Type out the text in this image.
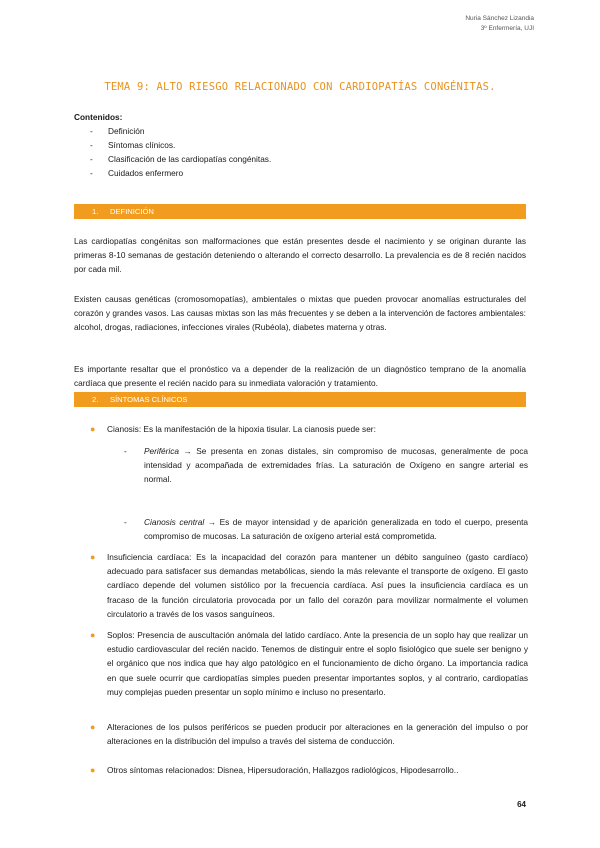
Nuria Sánchez Lizandia
3º Enfermería, UJI
TEMA 9: ALTO RIESGO RELACIONADO CON CARDIOPATÍAS CONGÉNITAS.
Contenidos:
- Definición
- Síntomas clínicos.
- Clasificación de las cardiopatías congénitas.
- Cuidados enfermero
1. DEFINICIÓN

Las cardiopatías congénitas son malformaciones que están presentes desde el nacimiento y se originan durante las primeras 8-10 semanas de gestación deteniendo o alterando el correcto desarrollo. La prevalencia es de 8 recién nacidos por cada mil.

Existen causas genéticas (cromosomopatías), ambientales o mixtas que pueden provocar anomalías estructurales del corazón y grandes vasos. Las causas mixtas son las más frecuentes y se deben a la intervención de factores ambientales: alcohol, drogas, radiaciones, infecciones virales (Rubéola), diabetes materna y otras.

Es importante resaltar que el pronóstico va a depender de la realización de un diagnóstico temprano de la anomalía cardíaca que presente el recién nacido para su inmediata valoración y tratamiento.

2. SÍNTOMAS CLÍNICOS
● Cianosis: Es la manifestación de la hipoxia tisular. La cianosis puede ser:
- Periférica → Se presenta en zonas distales, sin compromiso de mucosas, generalmente de poca intensidad y acompañada de extremidades frías. La saturación de Oxígeno en sangre arterial es normal.
- Cianosis central → Es de mayor intensidad y de aparición generalizada en todo el cuerpo, presenta compromiso de mucosas. La saturación de oxígeno arterial está comprometida.
● Insuficiencia cardíaca: Es la incapacidad del corazón para mantener un débito sanguíneo (gasto cardíaco) adecuado para satisfacer sus demandas metabólicas, siendo la más relevante el transporte de oxígeno. El gasto cardíaco depende del volumen sistólico por la frecuencia cardíaca. Así pues la insuficiencia cardíaca es un fracaso de la función circulatoria provocada por un fallo del corazón para movilizar normalmente el volumen circulatorio a través de los vasos sanguíneos.
● Soplos: Presencia de auscultación anómala del latido cardíaco. Ante la presencia de un soplo hay que realizar un estudio cardiovascular del recién nacido. Tenemos de distinguir entre el soplo fisiológico que suele ser benigno y el orgánico que nos indica que hay algo patológico en el funcionamiento de dicho órgano. La importancia radica en que suele ocurrir que cardiopatías simples pueden presentar importantes soplos, y al contrario, cardiopatías muy complejas pueden presentar un soplo mínimo e incluso no presentarlo.
● Alteraciones de los pulsos periféricos se pueden producir por alteraciones en la generación del impulso o por alteraciones en la distribución del impulso a través del sistema de conducción.
● Otros síntomas relacionados: Disnea, Hipersudoración, Hallazgos radiológicos, Hipodesarrollo..
64
